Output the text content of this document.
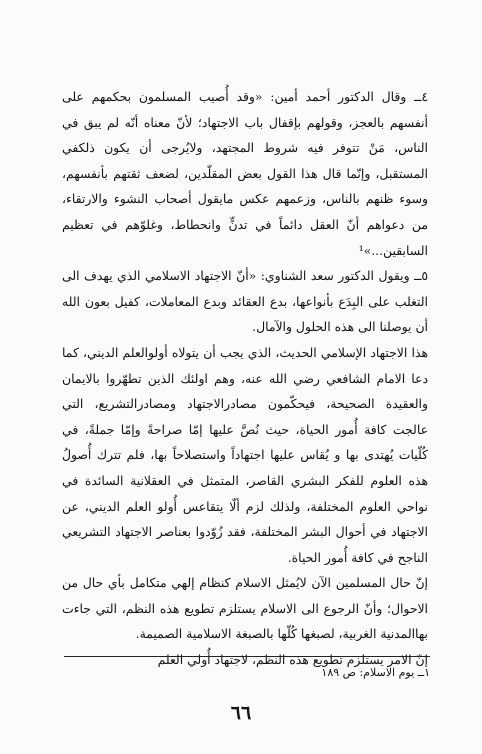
٤ــ وقال الدكتور أحمد أمين: «وقد أُصيب المسلمون بحكمهم على أنفسهم بالعجز، وقولهم بإقفال باب الاجتهاد؛ لأنّ معناه أنّه لم يبق في الناس، مَنْ تتوفر فيه شروط المجتهد، ولايُرجى أن يكون ذلكفي المستقبل، وإنّما قال هذا القول بعض المقلّدين، لضعف ثقتهم بأنفسهم، وسوء ظنهم بالناس، وزعمهم عكس مايقول أصحاب النشوء والارتقاء، من دعواهم أنّ العقل دائماً في تدنٍّ وانحطاط، وغلوّهم في تعظيم السابقين...»¹

٥ــ ويقول الدكتور سعد الشناوي: «أنّ الاجتهاد الاسلامي الذي يهدف الى التغلب على البِدَع بأنواعها، بدع العقائد وبدع المعاملات، كفيل بعون الله أن يوصلنا الى هذه الحلول والآمال.

هذا الاجتهاد الإسلامي الحديث، الذي يجب أن يتولاه أولوالعلم الديني، كما دعا الامام الشافعي رضي الله عنه، وهم اولئك الذين تطهّروا بالايمان والعقيدة الصحيحة، فيحكّمون مصادرالاجتهاد ومصادرالتشريع، التي عالجت كافة أُمور الحياة، حيث نُصَّ عليها إمّا صراحةً وإمّا جملةً، في كُلّيات يُهتدى بها و يُقاس عليها اجتهاداً واستصلاحاً بها، فلم تترك أُصولُ هذه العلوم للفكر البشري القاصر، المتمثل في العقلانية السائدة في نواحي العلوم المختلفة، ولذلك لزم ألّا يتقاعس أُولو العلم الديني، عن الاجتهاد في أحوال البشر المختلفة، فقد زُوّدوا بعناصر الاجتهاد التشريعي الناجح في كافة أُمور الحياة.

إنّ حال المسلمين الآن لايُمثل الاسلام كنظام إلهي متكامل بأي حال من الاحوال؛ وأنّ الرجوع الى الاسلام يستلزم تطويع هذه النظم، التي جاءت بهاالمدنية الغربية، لصبغها كُلّها بالصبغة الاسلامية الصميمة.

إنّ الامر يستلزم تطويع هذه النظم، لاجتهاد أُولي العلم

١ــ يوم الاسلام: ص ١٨٩
٦٦
